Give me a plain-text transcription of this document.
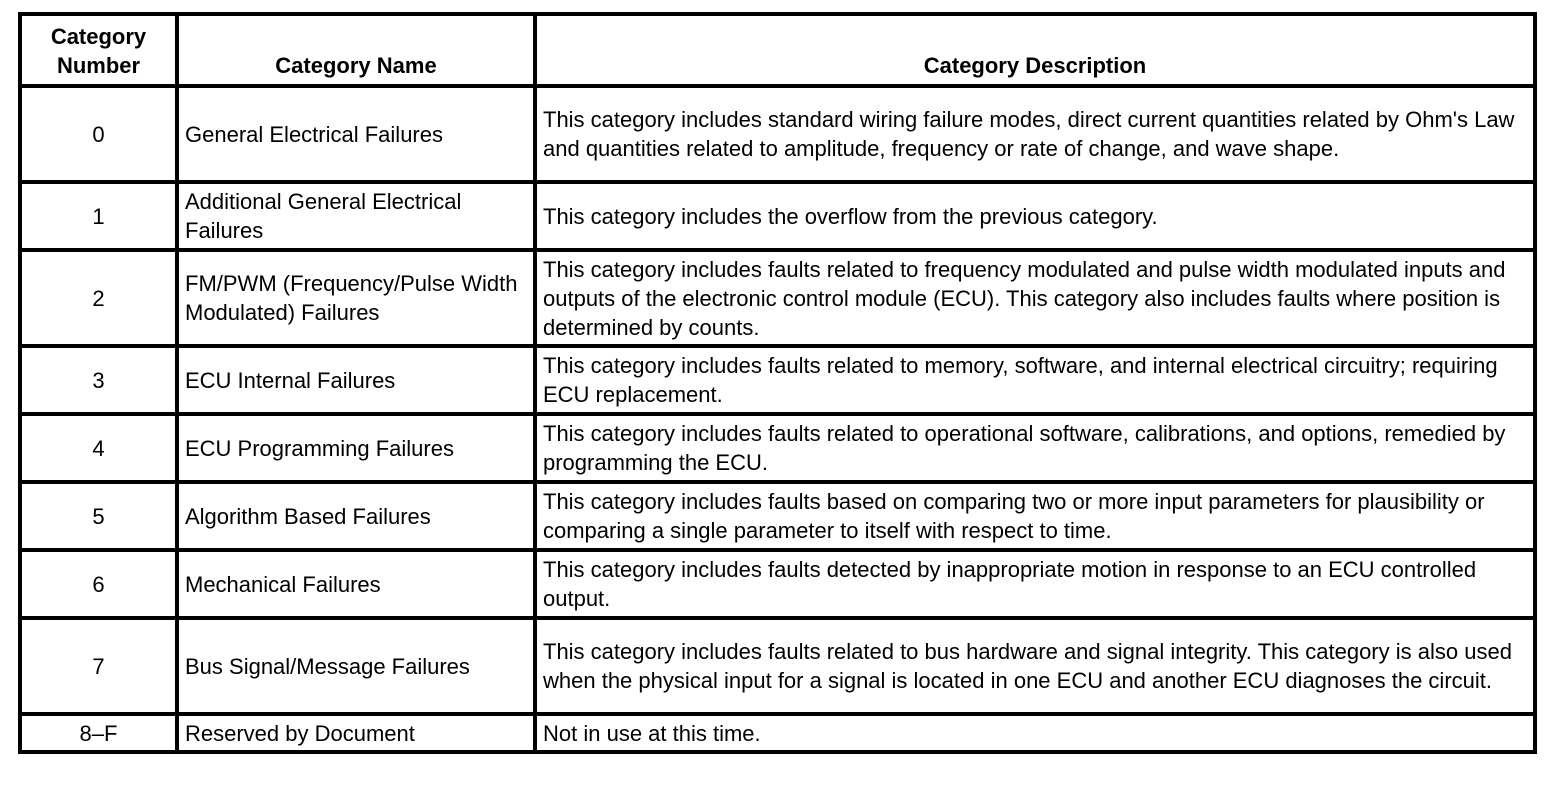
Category
Number	Category Name	Category Description
0	General Electrical Failures	This category includes standard wiring failure modes, direct current quantities related by Ohm's Law and quantities related to amplitude, frequency or rate of change, and wave shape.
1	Additional General Electrical Failures	This category includes the overflow from the previous category.
2	FM/PWM (Frequency/Pulse Width Modulated) Failures	This category includes faults related to frequency modulated and pulse width modulated inputs and outputs of the electronic control module (ECU). This category also includes faults where position is determined by counts.
3	ECU Internal Failures	This category includes faults related to memory, software, and internal electrical circuitry; requiring ECU replacement.
4	ECU Programming Failures	This category includes faults related to operational software, calibrations, and options, remedied by programming the ECU.
5	Algorithm Based Failures	This category includes faults based on comparing two or more input parameters for plausibility or comparing a single parameter to itself with respect to time.
6	Mechanical Failures	This category includes faults detected by inappropriate motion in response to an ECU controlled output.
7	Bus Signal/Message Failures	This category includes faults related to bus hardware and signal integrity. This category is also used when the physical input for a signal is located in one ECU and another ECU diagnoses the circuit.
8–F	Reserved by Document	Not in use at this time.
